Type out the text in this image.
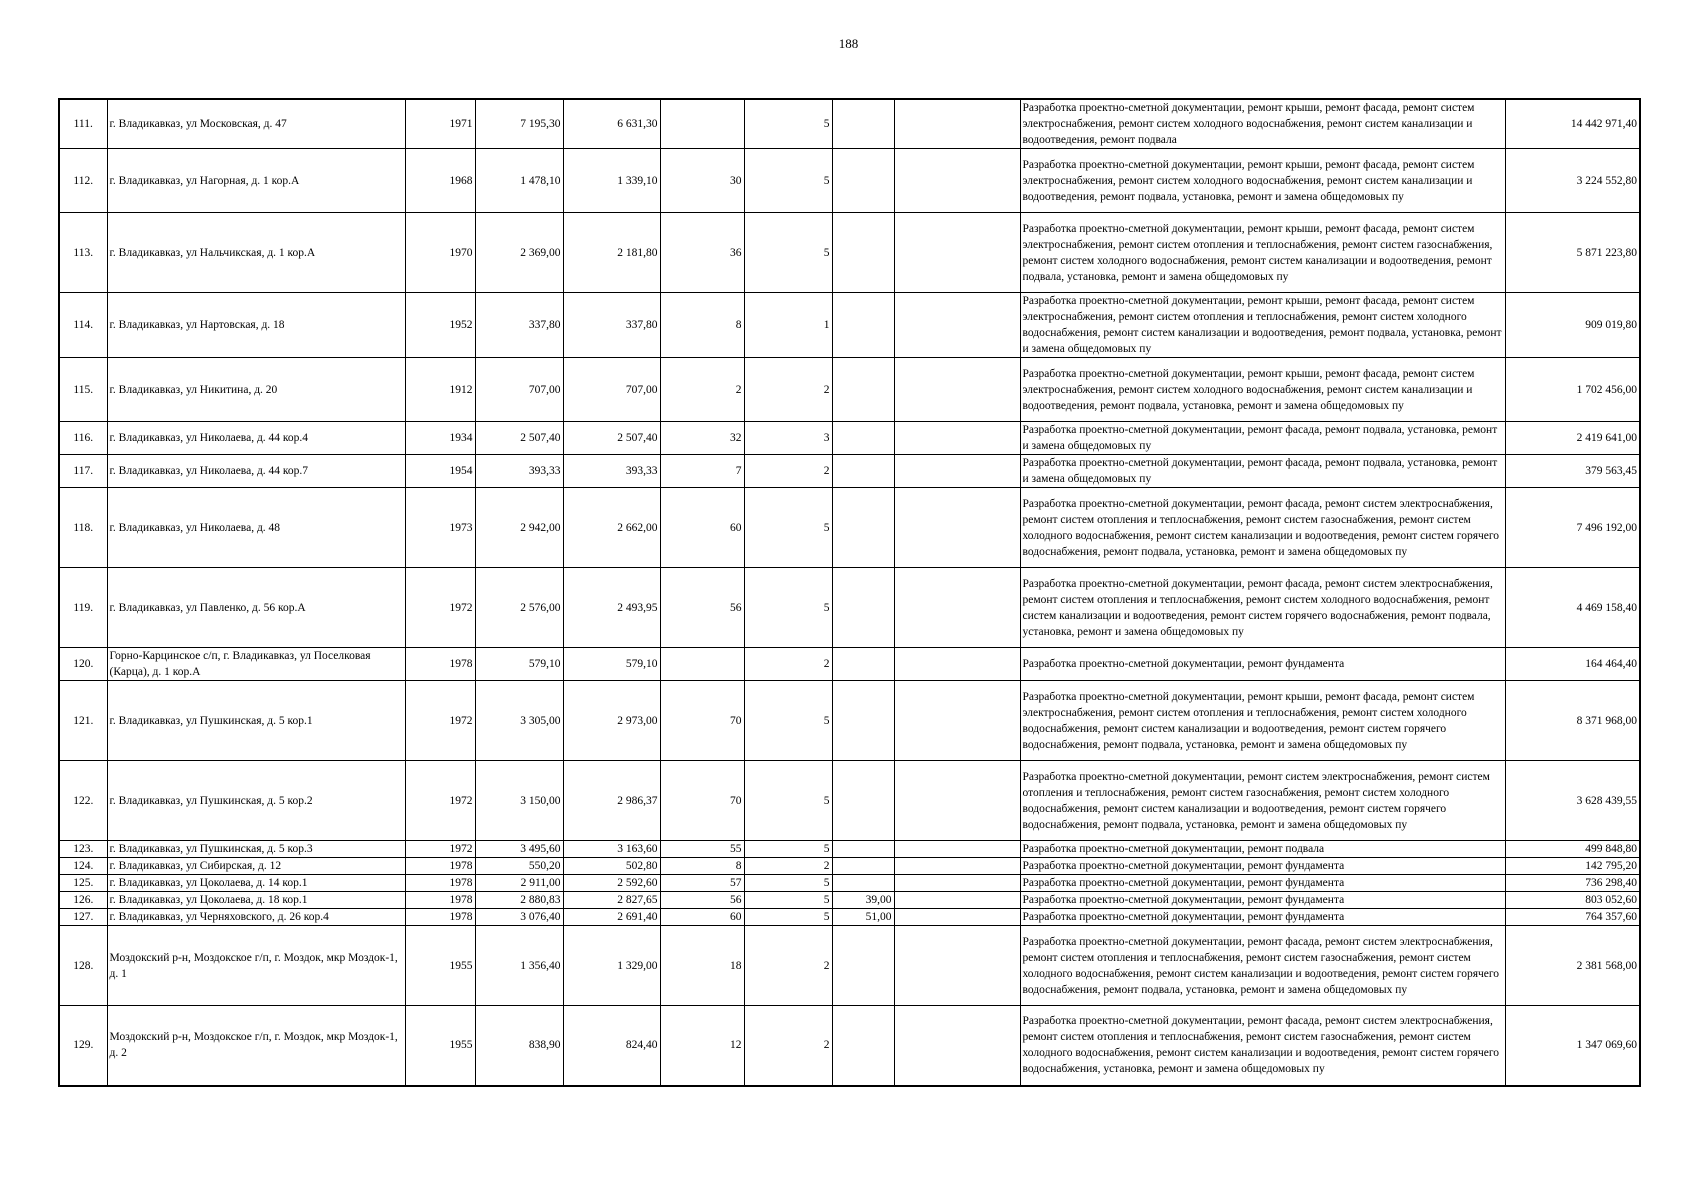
188
111.	г. Владикавказ, ул Московская, д. 47	1971	7 195,30	6 631,30		5			Разработка проектно-сметной документации, ремонт крыши, ремонт фасада, ремонт систем электроснабжения, ремонт систем холодного водоснабжения, ремонт систем канализации и водоотведения, ремонт подвала	14 442 971,40
112.	г. Владикавказ, ул Нагорная, д. 1 кор.А	1968	1 478,10	1 339,10	30	5			Разработка проектно-сметной документации, ремонт крыши, ремонт фасада, ремонт систем электроснабжения, ремонт систем холодного водоснабжения, ремонт систем канализации и водоотведения, ремонт подвала, установка, ремонт и замена общедомовых пу	3 224 552,80
113.	г. Владикавказ, ул Нальчикская, д. 1 кор.А	1970	2 369,00	2 181,80	36	5			Разработка проектно-сметной документации, ремонт крыши, ремонт фасада, ремонт систем электроснабжения, ремонт систем отопления и теплоснабжения, ремонт систем газоснабжения, ремонт систем холодного водоснабжения, ремонт систем канализации и водоотведения, ремонт подвала, установка, ремонт и замена общедомовых пу	5 871 223,80
114.	г. Владикавказ, ул Нартовская, д. 18	1952	337,80	337,80	8	1			Разработка проектно-сметной документации, ремонт крыши, ремонт фасада, ремонт систем электроснабжения, ремонт систем отопления и теплоснабжения, ремонт систем холодного водоснабжения, ремонт систем канализации и водоотведения, ремонт подвала, установка, ремонт и замена общедомовых пу	909 019,80
115.	г. Владикавказ, ул Никитина, д. 20	1912	707,00	707,00	2	2			Разработка проектно-сметной документации, ремонт крыши, ремонт фасада, ремонт систем электроснабжения, ремонт систем холодного водоснабжения, ремонт систем канализации и водоотведения, ремонт подвала, установка, ремонт и замена общедомовых пу	1 702 456,00
116.	г. Владикавказ, ул Николаева, д. 44 кор.4	1934	2 507,40	2 507,40	32	3			Разработка проектно-сметной документации, ремонт фасада, ремонт подвала, установка, ремонт и замена общедомовых пу	2 419 641,00
117.	г. Владикавказ, ул Николаева, д. 44 кор.7	1954	393,33	393,33	7	2			Разработка проектно-сметной документации, ремонт фасада, ремонт подвала, установка, ремонт и замена общедомовых пу	379 563,45
118.	г. Владикавказ, ул Николаева, д. 48	1973	2 942,00	2 662,00	60	5			Разработка проектно-сметной документации, ремонт фасада, ремонт систем электроснабжения, ремонт систем отопления и теплоснабжения, ремонт систем газоснабжения, ремонт систем холодного водоснабжения, ремонт систем канализации и водоотведения, ремонт систем горячего водоснабжения, ремонт подвала, установка, ремонт и замена общедомовых пу	7 496 192,00
119.	г. Владикавказ, ул Павленко, д. 56 кор.А	1972	2 576,00	2 493,95	56	5			Разработка проектно-сметной документации, ремонт фасада, ремонт систем электроснабжения, ремонт систем отопления и теплоснабжения, ремонт систем холодного водоснабжения, ремонт систем канализации и водоотведения, ремонт систем горячего водоснабжения, ремонт подвала, установка, ремонт и замена общедомовых пу	4 469 158,40
120.	Горно-Карцинское с/п, г. Владикавказ, ул Поселковая (Карца), д. 1 кор.А	1978	579,10	579,10		2			Разработка проектно-сметной документации, ремонт фундамента	164 464,40
121.	г. Владикавказ, ул Пушкинская, д. 5 кор.1	1972	3 305,00	2 973,00	70	5			Разработка проектно-сметной документации, ремонт крыши, ремонт фасада, ремонт систем электроснабжения, ремонт систем отопления и теплоснабжения, ремонт систем холодного водоснабжения, ремонт систем канализации и водоотведения, ремонт систем горячего водоснабжения, ремонт подвала, установка, ремонт и замена общедомовых пу	8 371 968,00
122.	г. Владикавказ, ул Пушкинская, д. 5 кор.2	1972	3 150,00	2 986,37	70	5			Разработка проектно-сметной документации, ремонт систем электроснабжения, ремонт систем отопления и теплоснабжения, ремонт систем газоснабжения, ремонт систем холодного водоснабжения, ремонт систем канализации и водоотведения, ремонт систем горячего водоснабжения, ремонт подвала, установка, ремонт и замена общедомовых пу	3 628 439,55
123.	г. Владикавказ, ул Пушкинская, д. 5 кор.3	1972	3 495,60	3 163,60	55	5			Разработка проектно-сметной документации, ремонт подвала	499 848,80
124.	г. Владикавказ, ул Сибирская, д. 12	1978	550,20	502,80	8	2			Разработка проектно-сметной документации, ремонт фундамента	142 795,20
125.	г. Владикавказ, ул Цоколаева, д. 14 кор.1	1978	2 911,00	2 592,60	57	5			Разработка проектно-сметной документации, ремонт фундамента	736 298,40
126.	г. Владикавказ, ул Цоколаева, д. 18 кор.1	1978	2 880,83	2 827,65	56	5	39,00		Разработка проектно-сметной документации, ремонт фундамента	803 052,60
127.	г. Владикавказ, ул Черняховского, д. 26 кор.4	1978	3 076,40	2 691,40	60	5	51,00		Разработка проектно-сметной документации, ремонт фундамента	764 357,60
128.	Моздокский р-н, Моздокское г/п, г. Моздок, мкр Моздок-1, д. 1	1955	1 356,40	1 329,00	18	2			Разработка проектно-сметной документации, ремонт фасада, ремонт систем электроснабжения, ремонт систем отопления и теплоснабжения, ремонт систем газоснабжения, ремонт систем холодного водоснабжения, ремонт систем канализации и водоотведения, ремонт систем горячего водоснабжения, ремонт подвала, установка, ремонт и замена общедомовых пу	2 381 568,00
129.	Моздокский р-н, Моздокское г/п, г. Моздок, мкр Моздок-1, д. 2	1955	838,90	824,40	12	2			Разработка проектно-сметной документации, ремонт фасада, ремонт систем электроснабжения, ремонт систем отопления и теплоснабжения, ремонт систем газоснабжения, ремонт систем холодного водоснабжения, ремонт систем канализации и водоотведения, ремонт систем горячего водоснабжения, установка, ремонт и замена общедомовых пу	1 347 069,60
